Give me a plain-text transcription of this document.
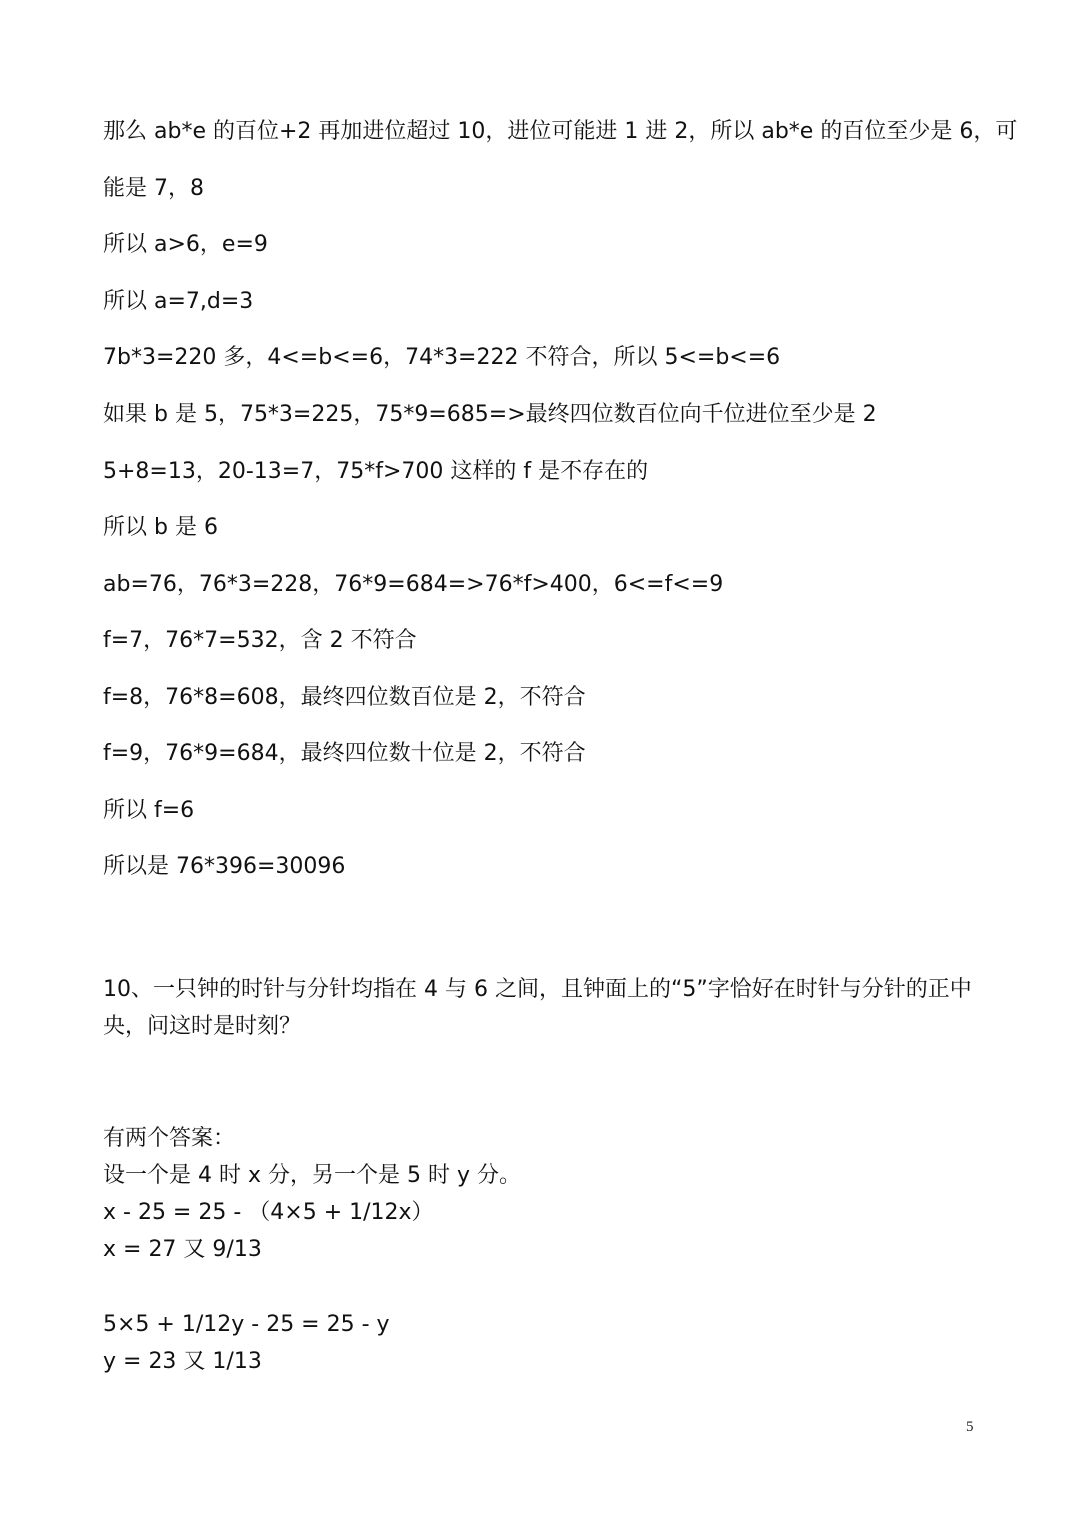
那么 ab*e 的百位+2 再加进位超过 10，进位可能进 1 进 2，所以 ab*e 的百位至少是 6，可
能是 7，8
所以 a>6，e=9
所以 a=7,d=3
7b*3=220 多，4<=b<=6，74*3=222 不符合，所以 5<=b<=6
如果 b 是 5，75*3=225，75*9=685=>最终四位数百位向千位进位至少是 2
5+8=13，20-13=7，75*f>700 这样的 f 是不存在的
所以 b 是 6
ab=76，76*3=228，76*9=684=>76*f>400，6<=f<=9
f=7，76*7=532，含 2 不符合
f=8，76*8=608，最终四位数百位是 2，不符合
f=9，76*9=684，最终四位数十位是 2，不符合
所以 f=6
所以是 76*396=30096
10、一只钟的时针与分针均指在 4 与 6 之间，且钟面上的“5”字恰好在时针与分针的正中
央，问这时是时刻？
有两个答案：
设一个是 4 时 x 分，另一个是 5 时 y 分。
x - 25 = 25 - （4×5 + 1/12x）
x = 27 又 9/13
5×5 + 1/12y - 25 = 25 - y
y = 23 又 1/13
5
